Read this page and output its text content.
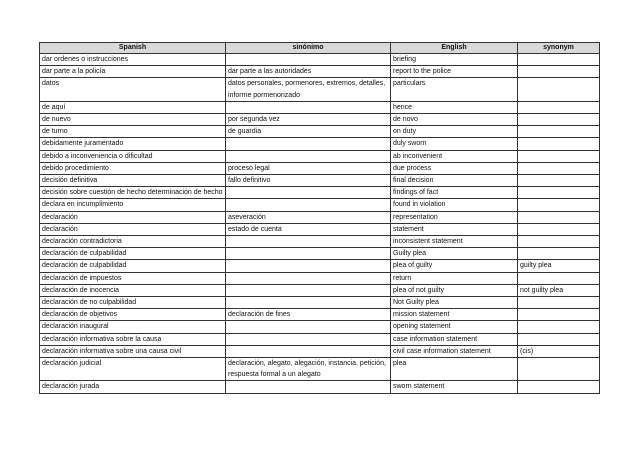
Spanish	sinónimo	English	synonym
dar ordenes o instrucciones		briefing	
dar parte a la policía	dar parte a las autoridades	report to the police	
datos	datos personales, pormenores, extremos, detalles, informe pormenorizado	particulars	
de aquí		hence	
de nuevo	por segunda vez	de novo	
de turno	de guardia	on duty	
debidamente juramentado		duly sworn	
debido a inconveniencia o dificultad		ab inconvenient	
debido procedimiento	proceso legal	due process	
decisión definitiva	fallo definitivo	final decision	
decisión sobre cuestión de hecho determinación de hecho		findings of fact	
declara en incumplimiento		found in violation	
declaración	aseveración	representation	
declaración	estado de cuenta	statement	
declaración contradictoria		inconsistent statement	
declaración de culpabilidad		Guilty plea	
declaración de culpabilidad		plea of guilty	guilty plea
declaración de impuestos		return	
declaración de inocencia		plea of not guilty	not guilty plea
declaración de no culpabilidad		Not Guilty plea	
declaración de objetivos	declaración de fines	mission statement	
declaración inaugural		opening statement	
declaración informativa sobre la causa		case information statement	
declaración informativa sobre una causa civil		civil case information statement	(cis)
declaración judicial	declaración, alegato, alegación, instancia, petición, respuesta formal a un alegato	plea	
declaración jurada		sworn statement	
